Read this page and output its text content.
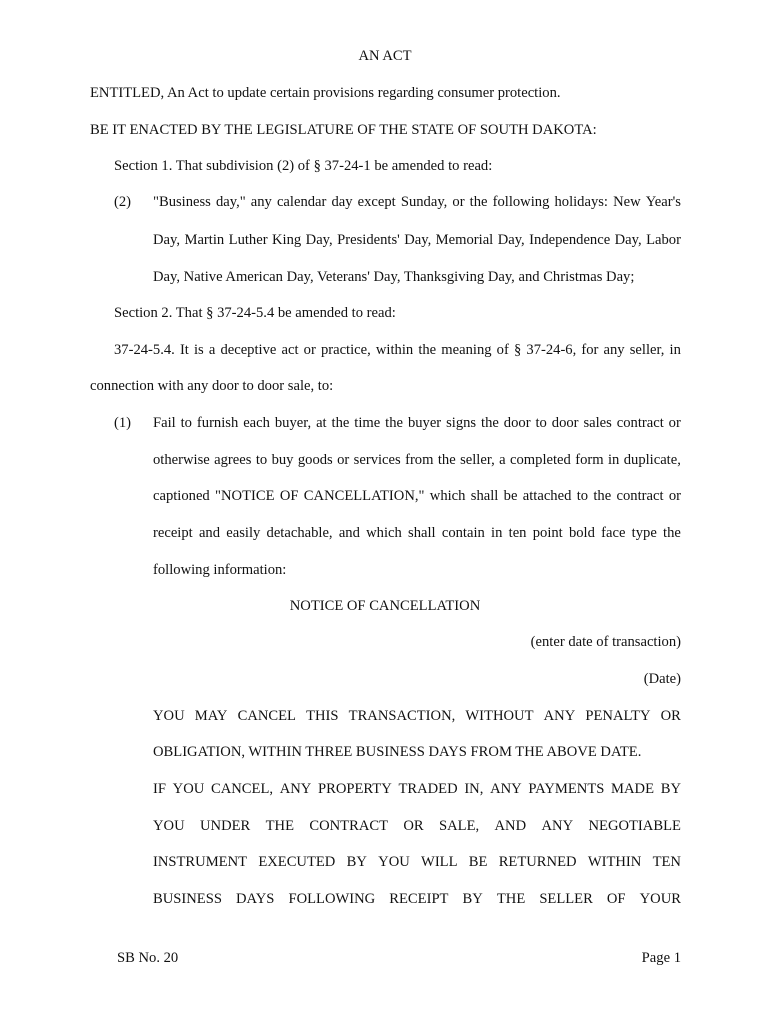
AN ACT
ENTITLED, An Act to update certain provisions regarding consumer protection.
BE IT ENACTED BY THE LEGISLATURE OF THE STATE OF SOUTH DAKOTA:
Section 1. That subdivision (2) of § 37-24-1 be amended to read:
(2) "Business day," any calendar day except Sunday, or the following holidays: New Year's
Day, Martin Luther King Day, Presidents' Day, Memorial Day, Independence Day, Labor
Day, Native American Day, Veterans' Day, Thanksgiving Day, and Christmas Day;
Section 2. That § 37-24-5.4 be amended to read:
37-24-5.4. It is a deceptive act or practice, within the meaning of § 37-24-6, for any seller, in
connection with any door to door sale, to:
(1) Fail to furnish each buyer, at the time the buyer signs the door to door sales contract or
otherwise agrees to buy goods or services from the seller, a completed form in duplicate,
captioned "NOTICE OF CANCELLATION," which shall be attached to the contract or
receipt and easily detachable, and which shall contain in ten point bold face type the
following information:
NOTICE OF CANCELLATION
(enter date of transaction)
(Date)
YOU MAY CANCEL THIS TRANSACTION, WITHOUT ANY PENALTY OR
OBLIGATION, WITHIN THREE BUSINESS DAYS FROM THE ABOVE DATE.
IF YOU CANCEL, ANY PROPERTY TRADED IN, ANY PAYMENTS MADE BY
YOU UNDER THE CONTRACT OR SALE, AND ANY NEGOTIABLE
INSTRUMENT EXECUTED BY YOU WILL BE RETURNED WITHIN TEN
BUSINESS DAYS FOLLOWING RECEIPT BY THE SELLER OF YOUR
SB No. 20	Page 1
